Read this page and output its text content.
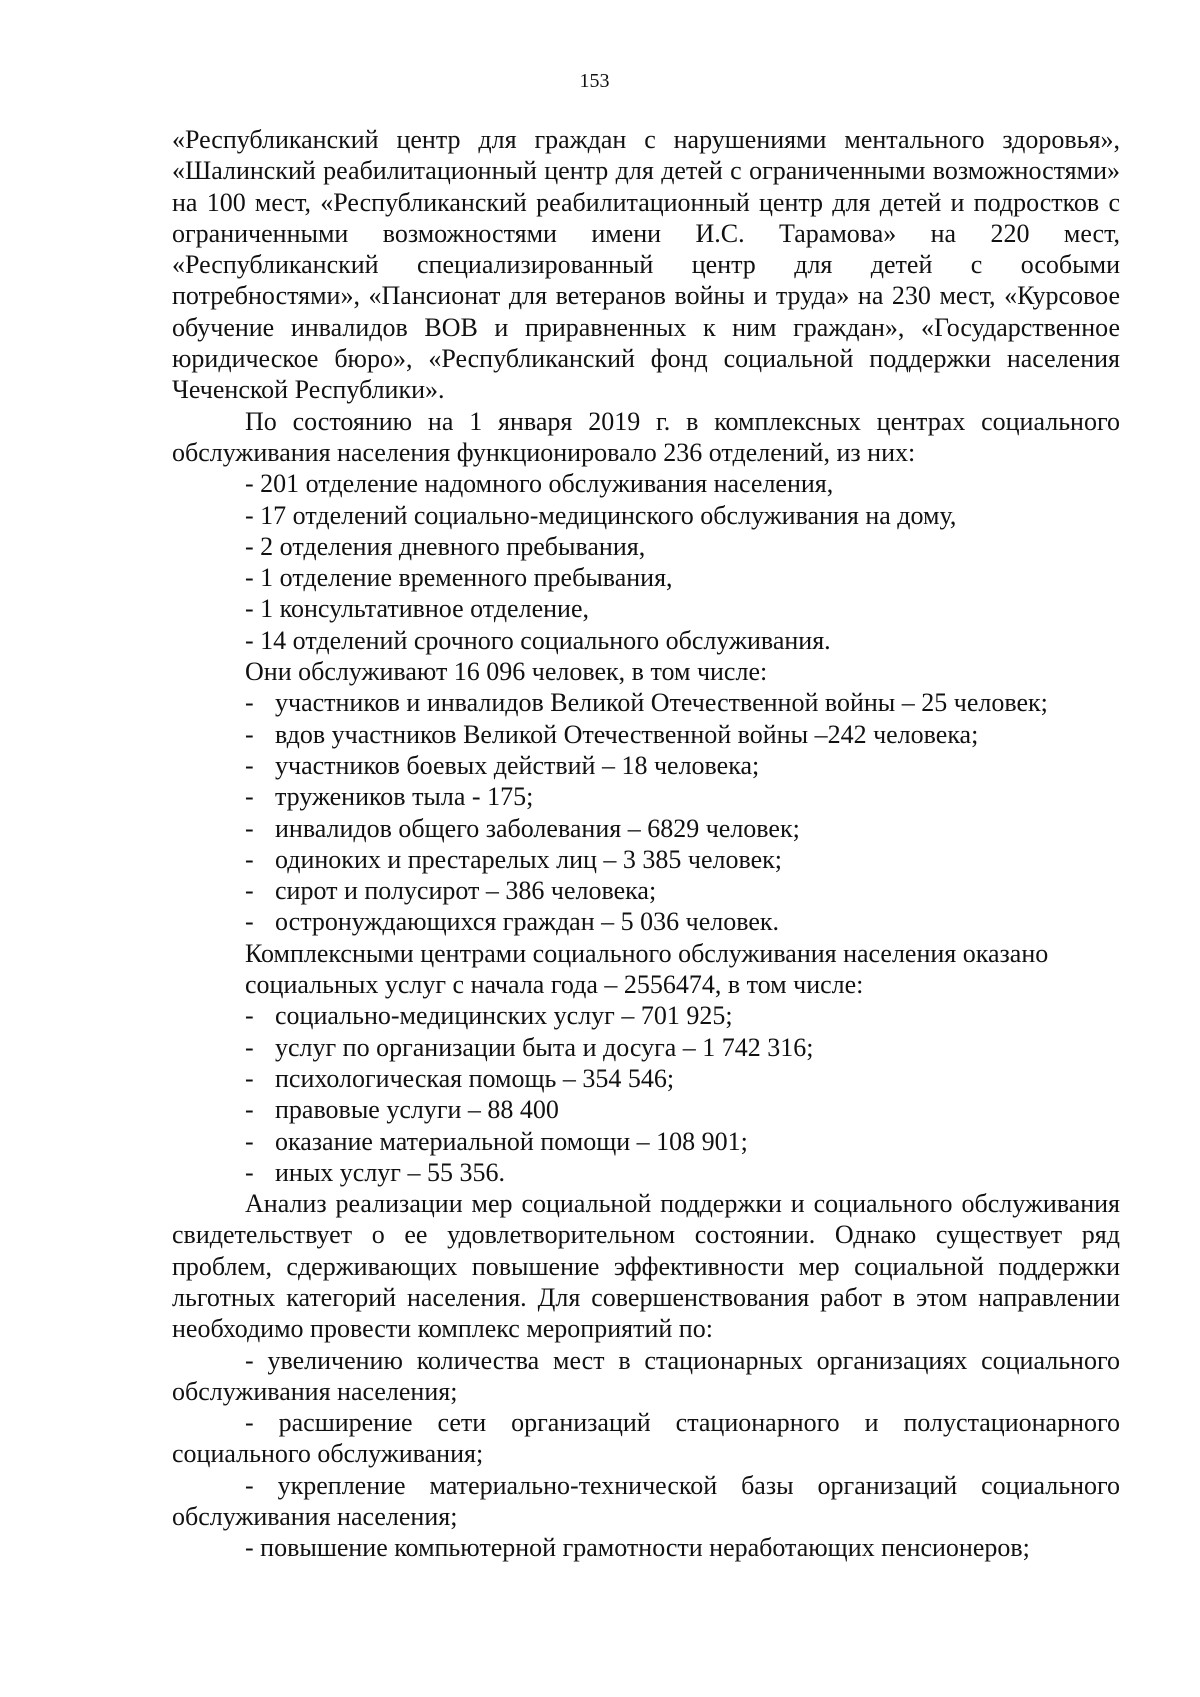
153

«Республиканский центр для граждан с нарушениями ментального здоровья», «Шалинский реабилитационный центр для детей с ограниченными возможностями» на 100 мест, «Республиканский реабилитационный центр для детей и подростков с ограниченными возможностями имени И.С. Тарамова» на 220 мест, «Республиканский специализированный центр для детей с особыми потребностями», «Пансионат для ветеранов войны и труда» на 230 мест, «Курсовое обучение инвалидов ВОВ и приравненных к ним граждан», «Государственное юридическое бюро», «Республиканский фонд социальной поддержки населения Чеченской Республики».

По состоянию на 1 января 2019 г. в комплексных центрах социального обслуживания населения функционировало 236 отделений, из них:

- 201 отделение надомного обслуживания населения,
- 17 отделений социально-медицинского обслуживания на дому,
- 2 отделения дневного пребывания,
- 1 отделение временного пребывания,
- 1 консультативное отделение,
- 14 отделений срочного социального обслуживания.
Они обслуживают 16 096 человек, в том числе:
- участников и инвалидов Великой Отечественной войны – 25 человек;
- вдов участников Великой Отечественной войны –242 человека;
- участников боевых действий – 18 человека;
- тружеников тыла - 175;
- инвалидов общего заболевания – 6829 человек;
- одиноких и престарелых лиц – 3 385 человек;
- сирот и полусирот – 386 человека;
- остронуждающихся граждан – 5 036 человек.
Комплексными центрами социального обслуживания населения оказано
социальных услуг с начала года – 2556474, в том числе:
- социально-медицинских услуг – 701 925;
- услуг по организации быта и досуга – 1 742 316;
- психологическая помощь – 354 546;
- правовые услуги – 88 400
- оказание материальной помощи – 108 901;
- иных услуг – 55 356.

Анализ реализации мер социальной поддержки и социального обслуживания свидетельствует о ее удовлетворительном состоянии. Однако существует ряд проблем, сдерживающих повышение эффективности мер социальной поддержки льготных категорий населения. Для совершенствования работ в этом направлении необходимо провести комплекс мероприятий по:

- увеличению количества мест в стационарных организациях социального обслуживания населения;

- расширение сети организаций стационарного и полустационарного социального обслуживания;

- укрепление материально-технической базы организаций социального обслуживания населения;

- повышение компьютерной грамотности неработающих пенсионеров;
